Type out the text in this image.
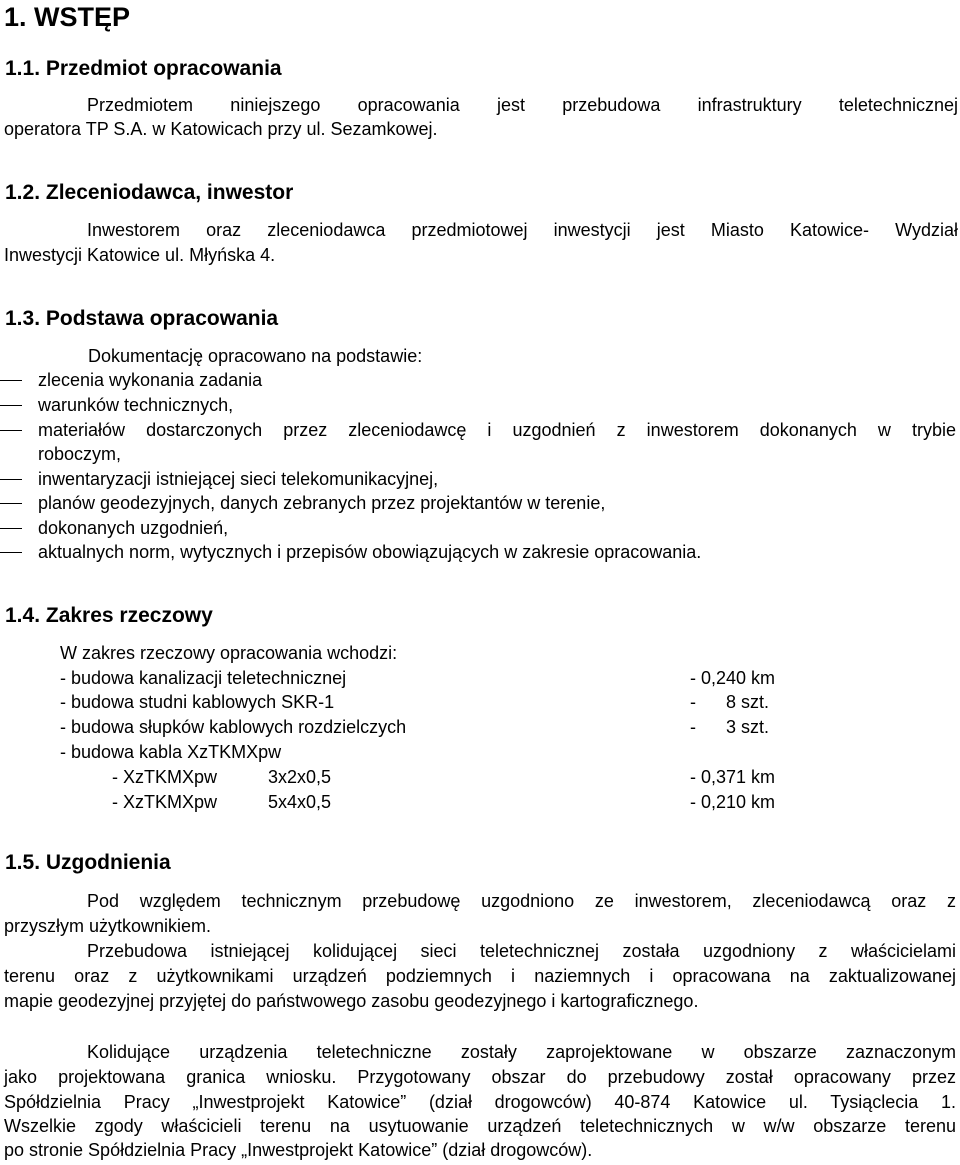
1. WSTĘP
1.1. Przedmiot opracowania
Przedmiotem niniejszego opracowania jest przebudowa infrastruktury teletechnicznej
operatora TP S.A. w Katowicach przy ul. Sezamkowej.
1.2. Zleceniodawca, inwestor
Inwestorem oraz zleceniodawca przedmiotowej inwestycji jest Miasto Katowice- Wydział
Inwestycji Katowice ul. Młyńska 4.
1.3. Podstawa opracowania
Dokumentację opracowano na podstawie:
zlecenia wykonania zadania
warunków technicznych,
materiałów dostarczonych przez zleceniodawcę i uzgodnień z inwestorem dokonanych w trybie
roboczym,
inwentaryzacji istniejącej sieci telekomunikacyjnej,
planów geodezyjnych, danych zebranych przez projektantów w terenie,
dokonanych uzgodnień,
aktualnych norm, wytycznych i przepisów obowiązujących w zakresie opracowania.
1.4. Zakres rzeczowy
W zakres rzeczowy opracowania wchodzi:
- budowa kanalizacji teletechnicznej	- 0,240 km
- budowa studni kablowych SKR-1	-      8 szt.
- budowa słupków kablowych rozdzielczych	-      3 szt.
- budowa kabla XzTKMXpw
- XzTKMXpw	3x2x0,5	- 0,371 km
- XzTKMXpw	5x4x0,5	- 0,210 km
1.5. Uzgodnienia
Pod względem technicznym przebudowę uzgodniono ze inwestorem, zleceniodawcą oraz z
przyszłym użytkownikiem.
Przebudowa istniejącej kolidującej sieci teletechnicznej została uzgodniony z właścicielami
terenu oraz z użytkownikami urządzeń podziemnych i naziemnych i opracowana na zaktualizowanej
mapie geodezyjnej przyjętej do państwowego zasobu geodezyjnego i kartograficznego.
Kolidujące urządzenia teletechniczne zostały zaprojektowane w obszarze zaznaczonym
jako projektowana granica wniosku. Przygotowany obszar do przebudowy został opracowany przez
Spółdzielnia Pracy „Inwestprojekt Katowice” (dział drogowców) 40-874 Katowice ul. Tysiąclecia 1.
Wszelkie zgody właścicieli terenu na usytuowanie urządzeń teletechnicznych w w/w obszarze terenu
po stronie Spółdzielnia Pracy „Inwestprojekt Katowice” (dział drogowców).
